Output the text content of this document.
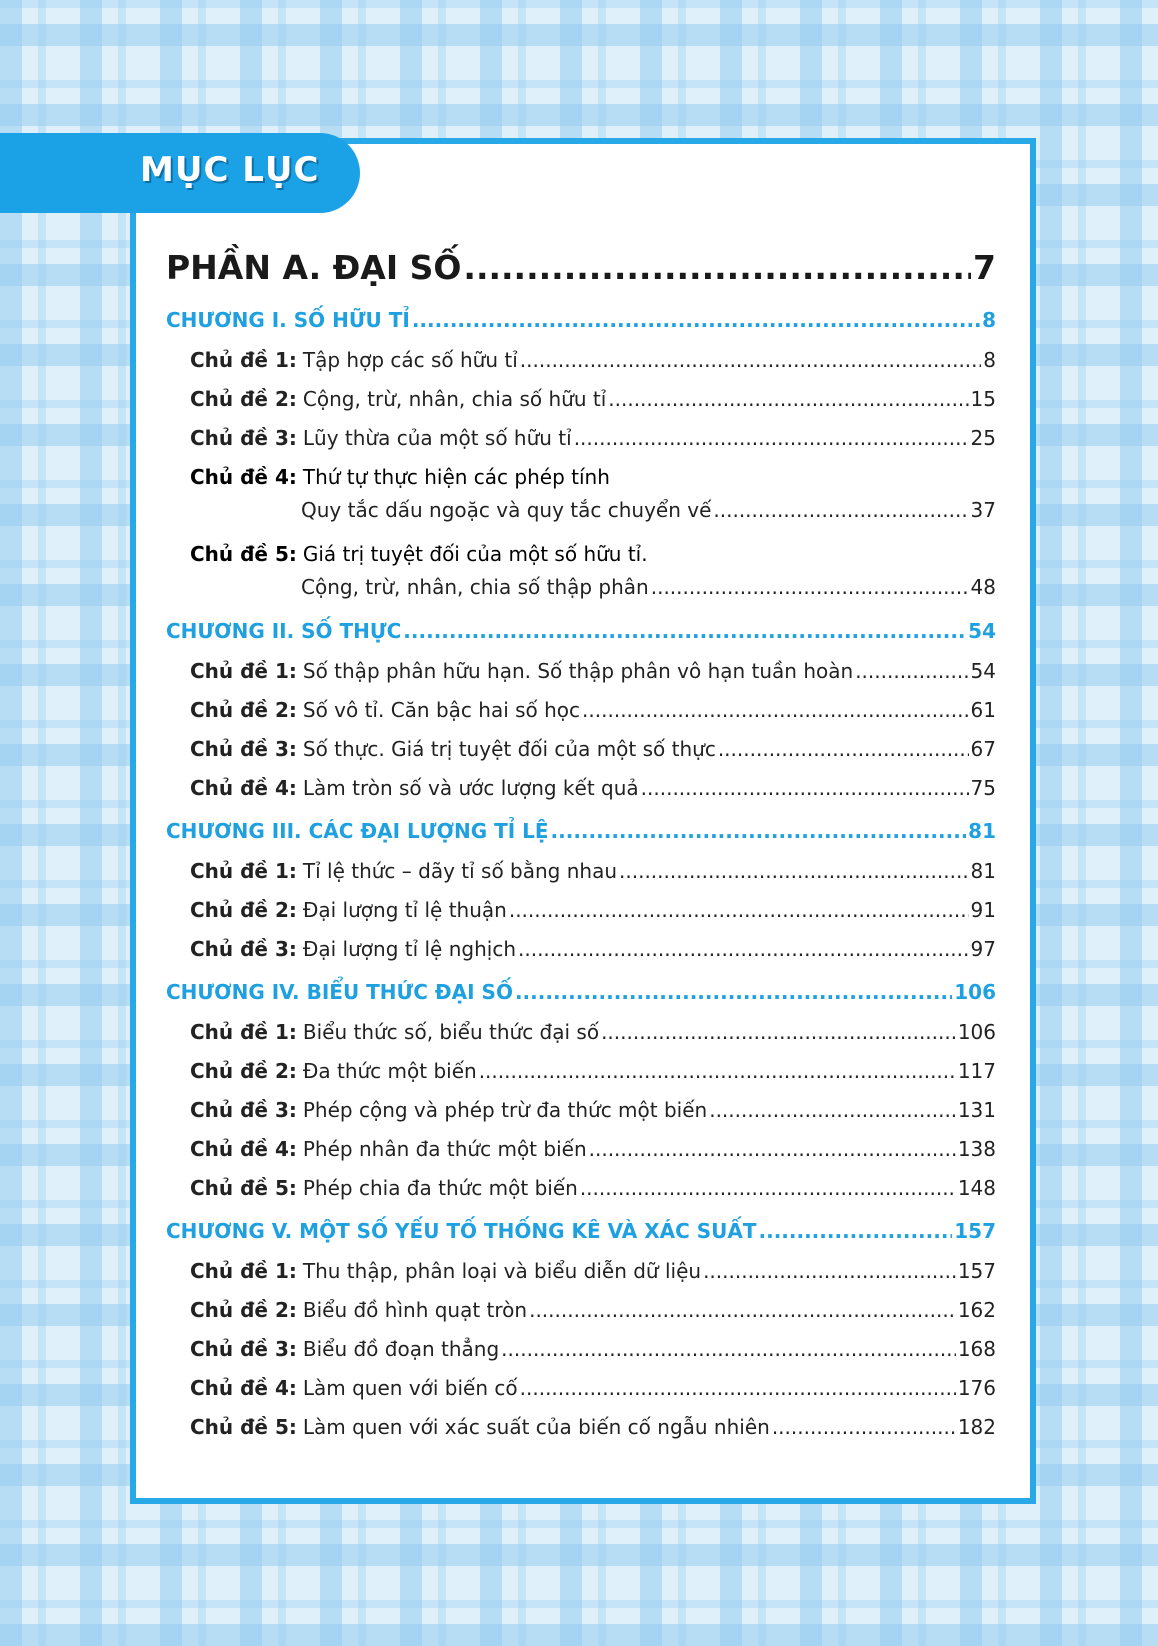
MỤC LỤC
PHẦN A. ĐẠI SỐ .....	7
CHƯƠNG I. SỐ HỮU TỈ .....	8
Chủ đề 1: Tập hợp các số hữu tỉ .....	8
Chủ đề 2: Cộng, trừ, nhân, chia số hữu tỉ .....	15
Chủ đề 3: Lũy thừa của một số hữu tỉ .....	25
Chủ đề 4: Thứ tự thực hiện các phép tính
Quy tắc dấu ngoặc và quy tắc chuyển vế .....	37
Chủ đề 5: Giá trị tuyệt đối của một số hữu tỉ.
Cộng, trừ, nhân, chia số thập phân .....	48
CHƯƠNG II. SỐ THỰC .....	54
Chủ đề 1: Số thập phân hữu hạn. Số thập phân vô hạn tuần hoàn .....	54
Chủ đề 2: Số vô tỉ. Căn bậc hai số học .....	61
Chủ đề 3: Số thực. Giá trị tuyệt đối của một số thực .....	67
Chủ đề 4: Làm tròn số và ước lượng kết quả .....	75
CHƯƠNG III. CÁC ĐẠI LƯỢNG TỈ LỆ .....	81
Chủ đề 1: Tỉ lệ thức – dãy tỉ số bằng nhau .....	81
Chủ đề 2: Đại lượng tỉ lệ thuận .....	91
Chủ đề 3: Đại lượng tỉ lệ nghịch .....	97
CHƯƠNG IV. BIỂU THỨC ĐẠI SỐ .....	106
Chủ đề 1: Biểu thức số, biểu thức đại số .....	106
Chủ đề 2: Đa thức một biến .....	117
Chủ đề 3: Phép cộng và phép trừ đa thức một biến .....	131
Chủ đề 4: Phép nhân đa thức một biến .....	138
Chủ đề 5: Phép chia đa thức một biến .....	148
CHƯƠNG V. MỘT SỐ YẾU TỐ THỐNG KÊ VÀ XÁC SUẤT .....	157
Chủ đề 1: Thu thập, phân loại và biểu diễn dữ liệu .....	157
Chủ đề 2: Biểu đồ hình quạt tròn .....	162
Chủ đề 3: Biểu đồ đoạn thẳng .....	168
Chủ đề 4: Làm quen với biến cố .....	176
Chủ đề 5: Làm quen với xác suất của biến cố ngẫu nhiên .....	182
